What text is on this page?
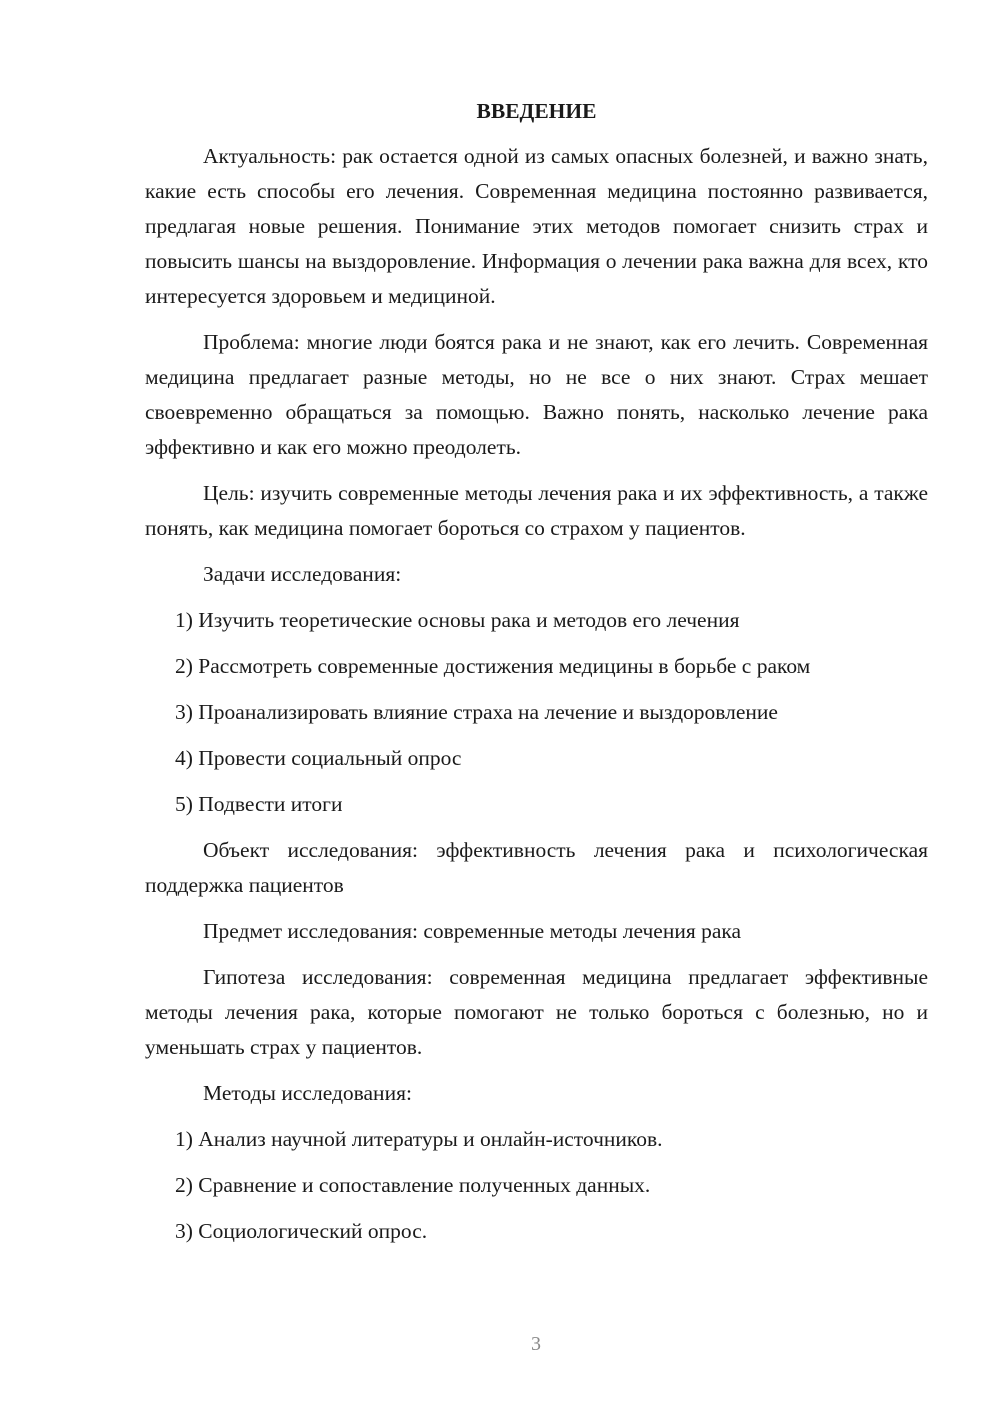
ВВЕДЕНИЕ

Актуальность: рак остается одной из самых опасных болезней, и важно знать, какие есть способы его лечения. Современная медицина постоянно развивается, предлагая новые решения. Понимание этих методов помогает снизить страх и повысить шансы на выздоровление. Информация о лечении рака важна для всех, кто интересуется здоровьем и медициной.

Проблема: многие люди боятся рака и не знают, как его лечить. Современная медицина предлагает разные методы, но не все о них знают. Страх мешает своевременно обращаться за помощью. Важно понять, насколько лечение рака эффективно и как его можно преодолеть.

Цель: изучить современные методы лечения рака и их эффективность, а также понять, как медицина помогает бороться со страхом у пациентов.

Задачи исследования:

1) Изучить теоретические основы рака и методов его лечения

2) Рассмотреть современные достижения медицины в борьбе с раком

3) Проанализировать влияние страха на лечение и выздоровление

4) Провести социальный опрос

5) Подвести итоги

Объект исследования: эффективность лечения рака и психологическая поддержка пациентов

Предмет исследования: современные методы лечения рака

Гипотеза исследования: современная медицина предлагает эффективные методы лечения рака, которые помогают не только бороться с болезнью, но и уменьшать страх у пациентов.

Методы исследования:

1) Анализ научной литературы и онлайн-источников.

2) Сравнение и сопоставление полученных данных.

3) Социологический опрос.

3
